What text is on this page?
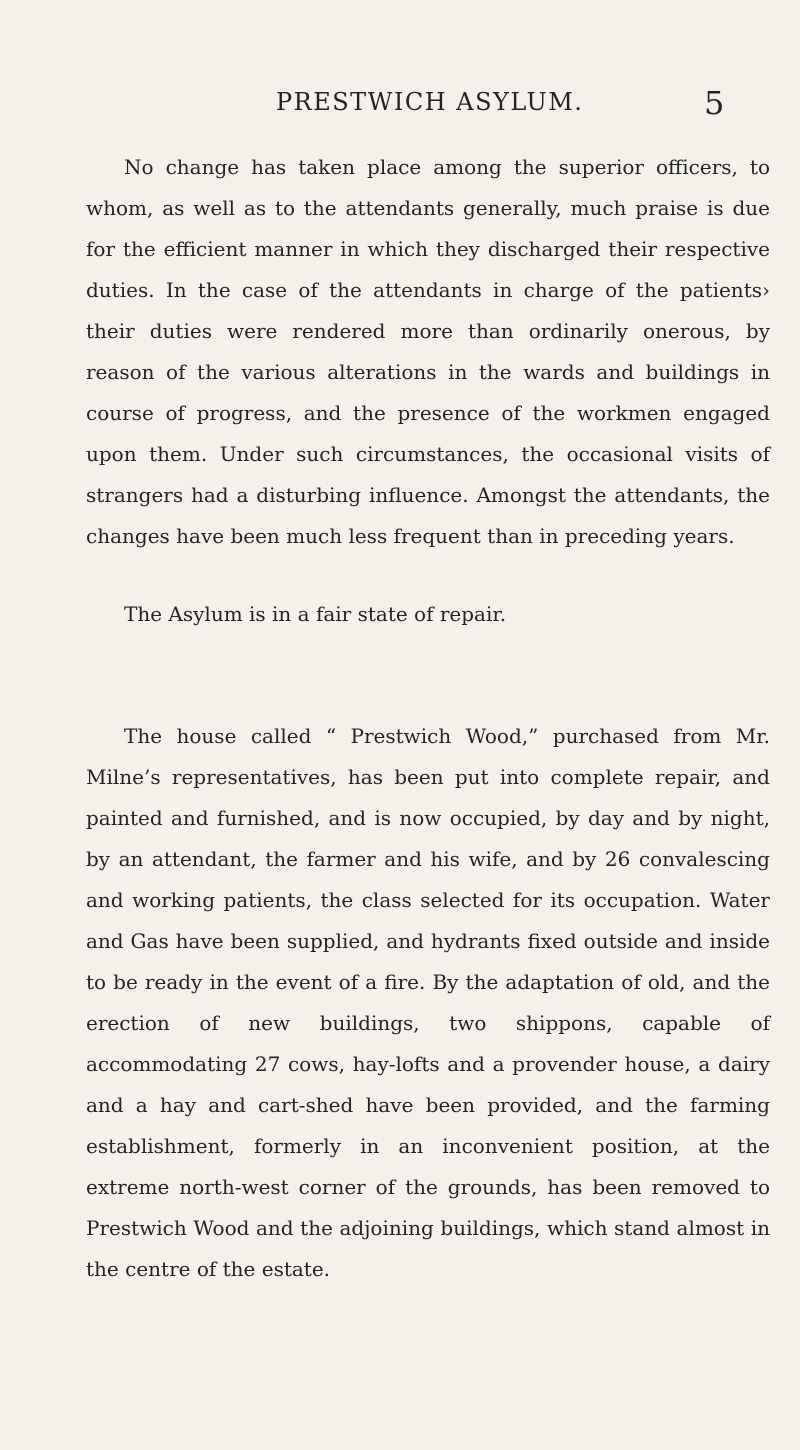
PRESTWICH ASYLUM.	5

No change has taken place among the superior officers, to whom, as well as to the attendants generally, much praise is due for the efficient manner in which they discharged their respective duties. In the case of the attendants in charge of the patients› their duties were rendered more than ordinarily onerous, by reason of the various alterations in the wards and buildings in course of progress, and the presence of the workmen engaged upon them. Under such circumstances, the occasional visits of strangers had a disturbing influence. Amongst the attendants, the changes have been much less frequent than in preceding years.

The Asylum is in a fair state of repair.

The house called “ Prestwich Wood,” purchased from Mr. Milne’s representatives, has been put into complete repair, and painted and furnished, and is now occupied, by day and by night, by an attendant, the farmer and his wife, and by 26 convalescing and working patients, the class selected for its occupation. Water and Gas have been supplied, and hydrants fixed outside and inside to be ready in the event of a fire. By the adaptation of old, and the erection of new buildings, two shippons, capable of accommodating 27 cows, hay-lofts and a provender house, a dairy and a hay and cart-shed have been provided, and the farming establishment, formerly in an inconvenient position, at the extreme north-west corner of the grounds, has been removed to Prestwich Wood and the adjoining buildings, which stand almost in the centre of the estate.
